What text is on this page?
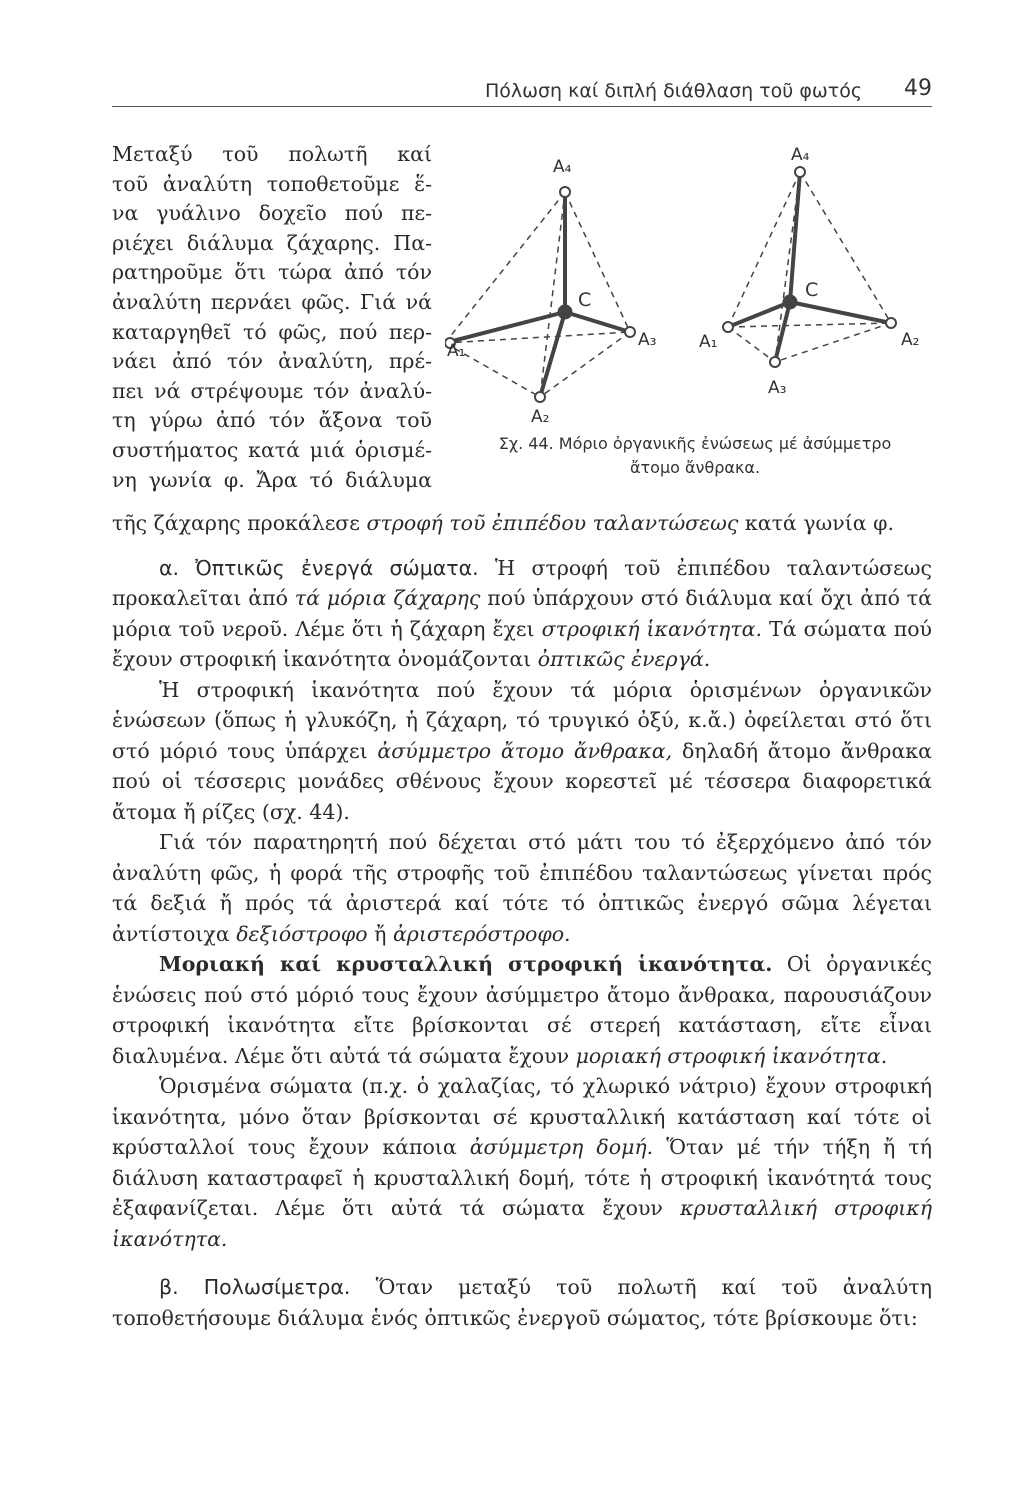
Πόλωση καί διπλή διάθλαση τοῦ φωτός 49
Μεταξύ τοῦ πολωτῆ καί
τοῦ ἀναλύτη τοποθετοῦμε ἕ-
να γυάλινο δοχεῖο πού πε-
ριέχει διάλυμα ζάχαρης. Πα-
ρατηροῦμε ὅτι τώρα ἀπό τόν
ἀναλύτη περνάει φῶς. Γιά νά
καταργηθεῖ τό φῶς, πού περ-
νάει ἀπό τόν ἀναλύτη, πρέ-
πει νά στρέψουμε τόν ἀναλύ-
τη γύρω ἀπό τόν ἄξονα τοῦ
συστήματος κατά μιά ὁρισμέ-
νη γωνία φ. Ἄρα τό διάλυμα
A₄
C
A₁
A₃
A₂
A₄
C
A₁	A₂
A₃
Σχ. 44. Μόριο ὀργανικῆς ἐνώσεως μέ ἀσύμμετρο
ἄτομο ἄνθρακα.

τῆς ζάχαρης προκάλεσε στροφή τοῦ ἐπιπέδου ταλαντώσεως κατά γωνία φ.

α. Ὀπτικῶς ἐνεργά σώματα. Ἡ στροφή τοῦ ἐπιπέδου ταλαντώσεως προκαλεῖται ἀπό τά μόρια ζάχαρης πού ὑπάρχουν στό διάλυμα καί ὄχι ἀπό τά μόρια τοῦ νεροῦ. Λέμε ὅτι ἡ ζάχαρη ἔχει στροφική ἱκανότητα. Τά σώματα πού ἔχουν στροφική ἱκανότητα ὀνομάζονται ὀπτικῶς ἐνεργά.

Ἡ στροφική ἱκανότητα πού ἔχουν τά μόρια ὁρισμένων ὀργανικῶν ἑνώσεων (ὅπως ἡ γλυκόζη, ἡ ζάχαρη, τό τρυγικό ὀξύ, κ.ἄ.) ὀφείλεται στό ὅτι στό μόριό τους ὑπάρχει ἀσύμμετρο ἄτομο ἄνθρακα, δηλαδή ἄτομο ἄνθρακα πού οἱ τέσσερις μονάδες σθένους ἔχουν κορεστεῖ μέ τέσσερα διαφορετικά ἄτομα ἤ ρίζες (σχ. 44).

Γιά τόν παρατηρητή πού δέχεται στό μάτι του τό ἐξερχόμενο ἀπό τόν ἀναλύτη φῶς, ἡ φορά τῆς στροφῆς τοῦ ἐπιπέδου ταλαντώσεως γίνεται πρός τά δεξιά ἤ πρός τά ἀριστερά καί τότε τό ὀπτικῶς ἐνεργό σῶμα λέγεται ἀντίστοιχα δεξιόστροφο ἤ ἀριστερόστροφο.

Μοριακή καί κρυσταλλική στροφική ἱκανότητα. Οἱ ὀργανικές ἑνώσεις πού στό μόριό τους ἔχουν ἀσύμμετρο ἄτομο ἄνθρακα, παρουσιάζουν στροφική ἱκανότητα εἴτε βρίσκονται σέ στερεή κατάσταση, εἴτε εἶναι διαλυμένα. Λέμε ὅτι αὐτά τά σώματα ἔχουν μοριακή στροφική ἱκανότητα.

Ὁρισμένα σώματα (π.χ. ὁ χαλαζίας, τό χλωρικό νάτριο) ἔχουν στροφική ἱκανότητα, μόνο ὅταν βρίσκονται σέ κρυσταλλική κατάσταση καί τότε οἱ κρύσταλλοί τους ἔχουν κάποια ἀσύμμετρη δομή. Ὅταν μέ τήν τήξη ἤ τή διάλυση καταστραφεῖ ἡ κρυσταλλική δομή, τότε ἡ στροφική ἱκανότητά τους ἐξαφανίζεται. Λέμε ὅτι αὐτά τά σώματα ἔχουν κρυσταλλική στροφική ἱκανότητα.

β. Πολωσίμετρα. Ὅταν μεταξύ τοῦ πολωτῆ καί τοῦ ἀναλύτη τοποθετήσουμε διάλυμα ἑνός ὀπτικῶς ἐνεργοῦ σώματος, τότε βρίσκουμε ὅτι:
